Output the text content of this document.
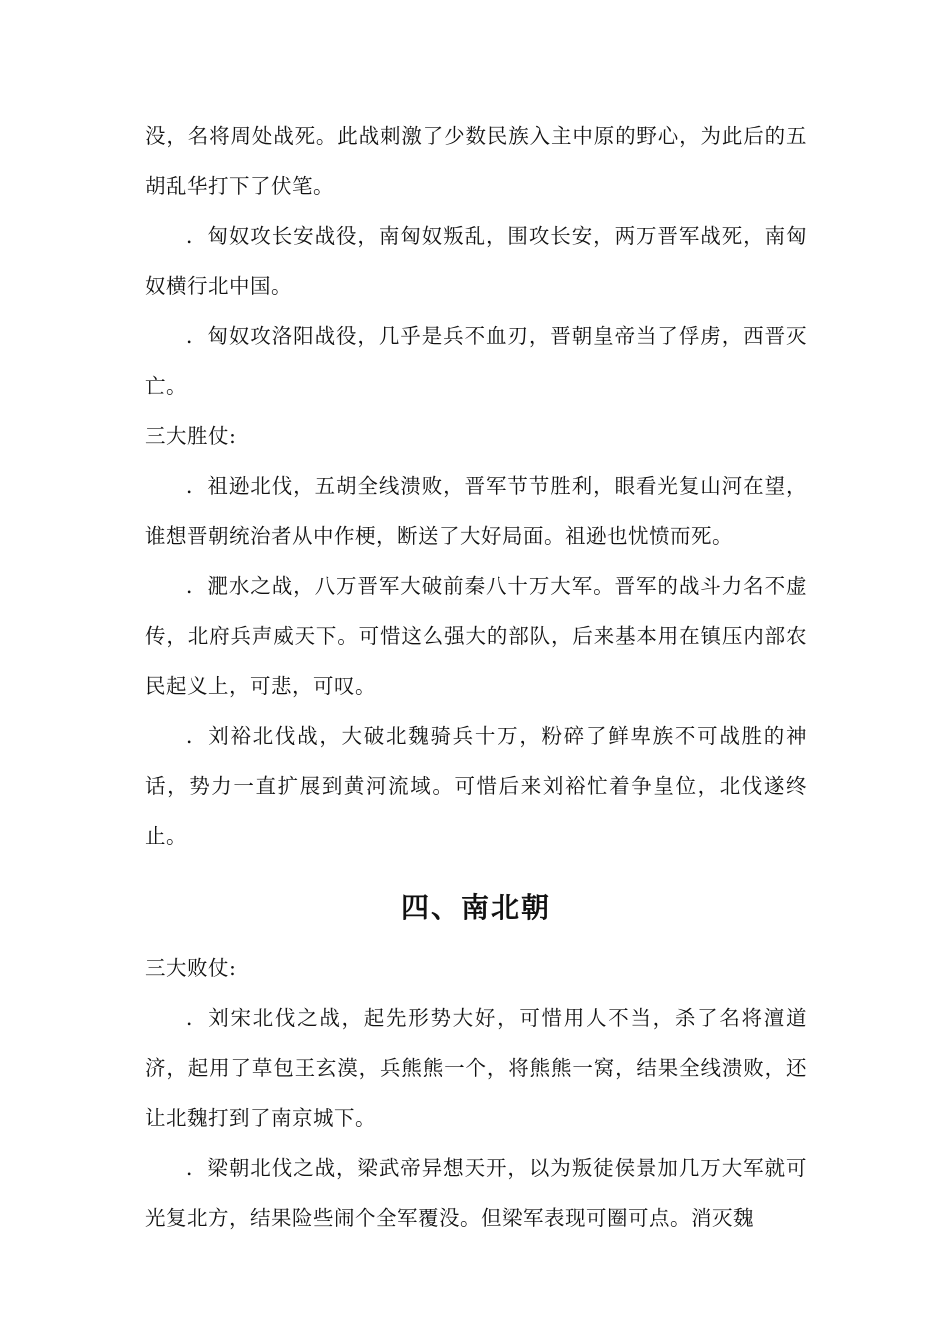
没，名将周处战死。此战刺激了少数民族入主中原的野心，为此后的五胡乱华打下了伏笔。

．匈奴攻长安战役，南匈奴叛乱，围攻长安，两万晋军战死，南匈奴横行北中国。

．匈奴攻洛阳战役，几乎是兵不血刃，晋朝皇帝当了俘虏，西晋灭亡。

三大胜仗:

．祖逊北伐，五胡全线溃败，晋军节节胜利，眼看光复山河在望，谁想晋朝统治者从中作梗，断送了大好局面。祖逊也忧愤而死。

．淝水之战，八万晋军大破前秦八十万大军。晋军的战斗力名不虚传，北府兵声威天下。可惜这么强大的部队，后来基本用在镇压内部农民起义上，可悲，可叹。

．刘裕北伐战，大破北魏骑兵十万，粉碎了鲜卑族不可战胜的神话，势力一直扩展到黄河流域。可惜后来刘裕忙着争皇位，北伐遂终止。

四、南北朝

三大败仗:

．刘宋北伐之战，起先形势大好，可惜用人不当，杀了名将澶道济，起用了草包王玄漠，兵熊熊一个，将熊熊一窝，结果全线溃败，还让北魏打到了南京城下。

．梁朝北伐之战，梁武帝异想天开，以为叛徒侯景加几万大军就可光复北方，结果险些闹个全军覆没。但梁军表现可圈可点。消灭魏
